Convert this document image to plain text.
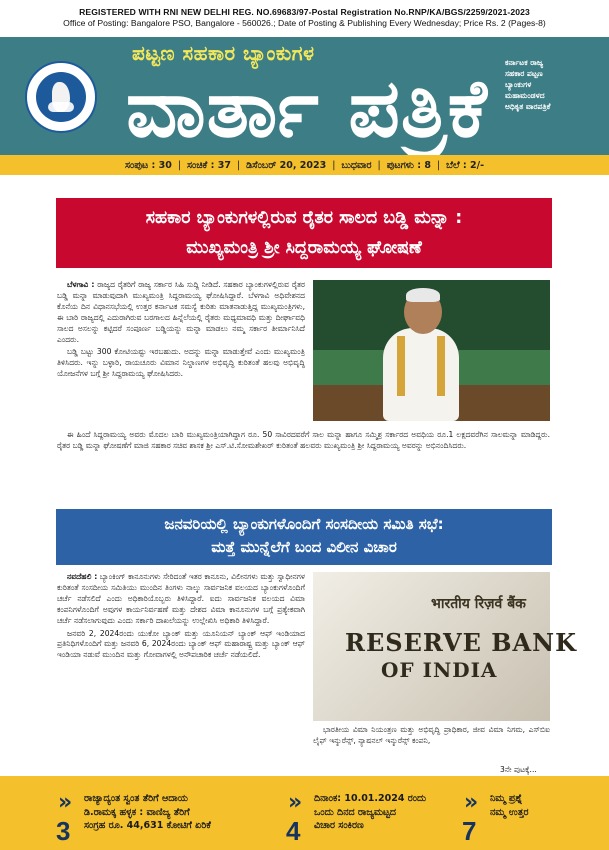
REGISTERED WITH RNI NEW DELHI REG. NO.69683/97-Postal Registration No.RNP/KA/BGS/2259/2021-2023
Office of Posting: Bangalore PSO, Bangalore - 560026.; Date of Posting & Publishing Every Wednesday; Price Rs. 2 (Pages-8)
ಪಟ್ಟಣ ಸಹಕಾರ ಬ್ಯಾಂಕುಗಳ
ವಾರ್ತಾ ಪತ್ರಿಕೆ ಕರ್ನಾಟಕ ರಾಜ್ಯ
ಸಹಕಾರ ಪಟ್ಟಣ
ಬ್ಯಾಂಕುಗಳ
ಮಹಾಮಂಡಳದ
ಅಧಿಕೃತ ವಾರಪತ್ರಿಕೆ
ಸಂಪುಟ : 30 | ಸಂಚಿಕೆ : 37 | ಡಿಸೆಂಬರ್ 20, 2023 | ಬುಧವಾರ | ಪುಟಗಳು : 8 | ಬೆಲೆ : 2/-
ಸಹಕಾರ ಬ್ಯಾಂಕುಗಳಲ್ಲಿರುವ ರೈತರ ಸಾಲದ ಬಡ್ಡಿ ಮನ್ನಾ :
ಮುಖ್ಯಮಂತ್ರಿ ಶ್ರೀ ಸಿದ್ದರಾಮಯ್ಯ ಘೋಷಣೆ

ಬೆಳಗಾವಿ : ರಾಜ್ಯದ ರೈತರಿಗೆ ರಾಜ್ಯ ಸರ್ಕಾರ ಸಿಹಿ ಸುದ್ದಿ ನೀಡಿದೆ. ಸಹಕಾರ ಬ್ಯಾಂಕುಗಳಲ್ಲಿರುವ ರೈತರ ಬಡ್ಡಿ ಮನ್ನಾ ಮಾಡುವುದಾಗಿ ಮುಖ್ಯಮಂತ್ರಿ ಸಿದ್ದರಾಮಯ್ಯ ಘೋಷಿಸಿದ್ದಾರೆ. ಬೆಳಗಾವಿ ಅಧಿವೇಶನದ ಕೊನೆಯ ದಿನ ವಿಧಾನಸಭೆಯಲ್ಲಿ ಉತ್ತರ ಕರ್ನಾಟಕ ಸಮಸ್ಯೆ ಕುರಿತು ಮಾತನಾಡುತ್ತಿದ್ದ ಮುಖ್ಯಮಂತ್ರಿಗಳು, ಈ ಬಾರಿ ರಾಜ್ಯದಲ್ಲಿ ಎದುರಾಗಿರುವ ಬರಗಾಲದ ಹಿನ್ನೆಲೆಯಲ್ಲಿ ರೈತರು ಮಧ್ಯಮಾವಧಿ ಮತ್ತು ದೀರ್ಘಾವಧಿ ಸಾಲದ ಅಸಲನ್ನು ಕಟ್ಟಿದರೆ ಸಂಪೂರ್ಣ ಬಡ್ಡಿಯನ್ನು ಮನ್ನಾ ಮಾಡಲು ನಮ್ಮ ಸರ್ಕಾರ ತೀರ್ಮಾನಿಸಿದೆ ಎಂದರು.

ಬಡ್ಡಿ ಬಟ್ಟು 300 ಕೋಟಿಯಷ್ಟು ಇರಬಹುದು. ಅದನ್ನು ಮನ್ನಾ ಮಾಡುತ್ತೇವೆ ಎಂದು ಮುಖ್ಯಮಂತ್ರಿ ತಿಳಿಸಿದರು. ಇನ್ನು ಬಳ್ಳಾರಿ, ರಾಯಚೂರು ವಿಮಾನ ನಿಲ್ದಾಣಗಳ ಅಭಿವೃದ್ಧಿ ಕುರಿತಂತೆ ಹಲವು ಅಭಿವೃದ್ಧಿ ಯೋಜನೆಗಳ ಬಗ್ಗೆ ಶ್ರೀ ಸಿದ್ದರಾಮಯ್ಯ ಘೋಷಿಸಿದರು.

ಈ ಹಿಂದೆ ಸಿದ್ದರಾಮಯ್ಯ ಅವರು ಮೊದಲ ಬಾರಿ ಮುಖ್ಯಮಂತ್ರಿಯಾಗಿದ್ದಾಗ ರೂ. 50 ಸಾವಿರದವರೆಗೆ ಸಾಲ ಮನ್ನಾ ಹಾಗೂ ಸಮ್ಮಿಶ್ರ ಸರ್ಕಾರದ ಅವಧಿಯ ರೂ.1 ಲಕ್ಷದವರೆಗಿನ ಸಾಲಮನ್ನಾ ಮಾಡಿದ್ದರು. ರೈತರ ಬಡ್ಡಿ ಮನ್ನಾ ಘೋಷಣೆಗೆ ಮಾಜಿ ಸಹಕಾರ ಸಚಿವ ಶಾಸಕ ಶ್ರೀ ಎಸ್.ಟಿ.ಸೋಮಶೇಖರ್ ಕುರಿತಂತೆ ಹಲವರು ಮುಖ್ಯಮಂತ್ರಿ ಶ್ರೀ ಸಿದ್ದರಾಮಯ್ಯ ಅವರನ್ನು ಅಭಿನಂದಿಸಿದರು.

ಜನವರಿಯಲ್ಲಿ ಬ್ಯಾಂಕುಗಳೊಂದಿಗೆ ಸಂಸದೀಯ ಸಮಿತಿ ಸಭೆ:
ಮತ್ತೆ ಮುನ್ನೆಲೆಗೆ ಬಂದ ವಿಲೀನ ವಿಚಾರ

ನವದೆಹಲಿ : ಬ್ಯಾಂಕಿಂಗ್ ಕಾನೂನುಗಳು ಸೇರಿದಂತೆ ಇತರ ಕಾನೂನು, ವಿಲೀನಗಳು ಮತ್ತು ಸ್ವಾಧೀನಗಳ ಕುರಿತಂತೆ ಸಂಸದೀಯ ಸಮಿತಿಯು ಮುಂದಿನ ತಿಂಗಳು ನಾಲ್ಕು ಸಾರ್ವಜನಿಕ ವಲಯದ ಬ್ಯಾಂಕುಗಳೊಂದಿಗೆ ಚರ್ಚೆ ನಡೆಸಲಿದೆ ಎಂದು ಅಧಿಕಾರಿಯೊಬ್ಬರು ತಿಳಿಸಿದ್ದಾರೆ. ಐದು ಸಾರ್ವಜನಿಕ ವಲಯದ ವಿಮಾ ಕಂಪನಿಗಳೊಂದಿಗೆ ಅವುಗಳ ಕಾರ್ಯನಿರ್ವಹಣೆ ಮತ್ತು ದೇಶದ ವಿಮಾ ಕಾನೂನುಗಳ ಬಗ್ಗೆ ಪ್ರತ್ಯೇಕವಾಗಿ ಚರ್ಚೆ ನಡೆಸಲಾಗುವುದು ಎಂದು ಸರ್ಕಾರಿ ದಾಖಲೆಯನ್ನು ಉಲ್ಲೇಖಿಸಿ ಅಧಿಕಾರಿ ತಿಳಿಸಿದ್ದಾರೆ.

ಜನವರಿ 2, 2024ರಂದು ಯುಕೋ ಬ್ಯಾಂಕ್ ಮತ್ತು ಯೂನಿಯನ್ ಬ್ಯಾಂಕ್ ಆಫ್ ಇಂಡಿಯಾದ ಪ್ರತಿನಿಧಿಗಳೊಂದಿಗೆ ಮತ್ತು ಜನವರಿ 6, 2024ರಂದು ಬ್ಯಾಂಕ್ ಆಫ್ ಮಹಾರಾಷ್ಟ್ರ ಮತ್ತು ಬ್ಯಾಂಕ್ ಆಫ್ ಇಂಡಿಯಾ ನಡುವೆ ಮುಂದಿನ ಮತ್ತು ಗೋವಾಗಳಲ್ಲಿ ಅನೌಪಚಾರಿಕ ಚರ್ಚೆ ನಡೆಯಲಿದೆ.

भारतीय रिज़र्व बैंक
RESERVE BANK
OF INDIA

ಭಾರತೀಯ ವಿಮಾ ನಿಯಂತ್ರಣ ಮತ್ತು ಅಭಿವೃದ್ಧಿ ಪ್ರಾಧಿಕಾರ, ಜೀವ ವಿಮಾ ನಿಗಮ, ಎಸ್‌ಬಿಐ ಲೈಫ್ ಇನ್ಶುರೆನ್ಸ್, ನ್ಯಾಷನಲ್ ಇನ್ಶುರೆನ್ಸ್ ಕಂಪನಿ,

3ನೇ ಪುಟಕ್ಕೆ...
»
3
ರಾಜ್ಯಾದ್ಯಂತ ಸ್ವಂತ ತೆರಿಗೆ ಆದಾಯ
ಡಿ.ರಾಮಕ್ಕ ಹಳ್ಳಕ : ವಾಣಿಜ್ಯ ತೆರಿಗೆ
ಸಂಗ್ರಹ ರೂ. 44,631 ಕೋಟಿಗೆ ಏರಿಕೆ
»
4
ದಿನಾಂಕ: 10.01.2024 ರಂದು
ಒಂದು ದಿನದ ರಾಜ್ಯಮಟ್ಟದ
ವಿಚಾರ ಸಂಕಿರಣ
»
7
ನಿಮ್ಮ ಪ್ರಶ್ನೆ
ನಮ್ಮ ಉತ್ತರ
